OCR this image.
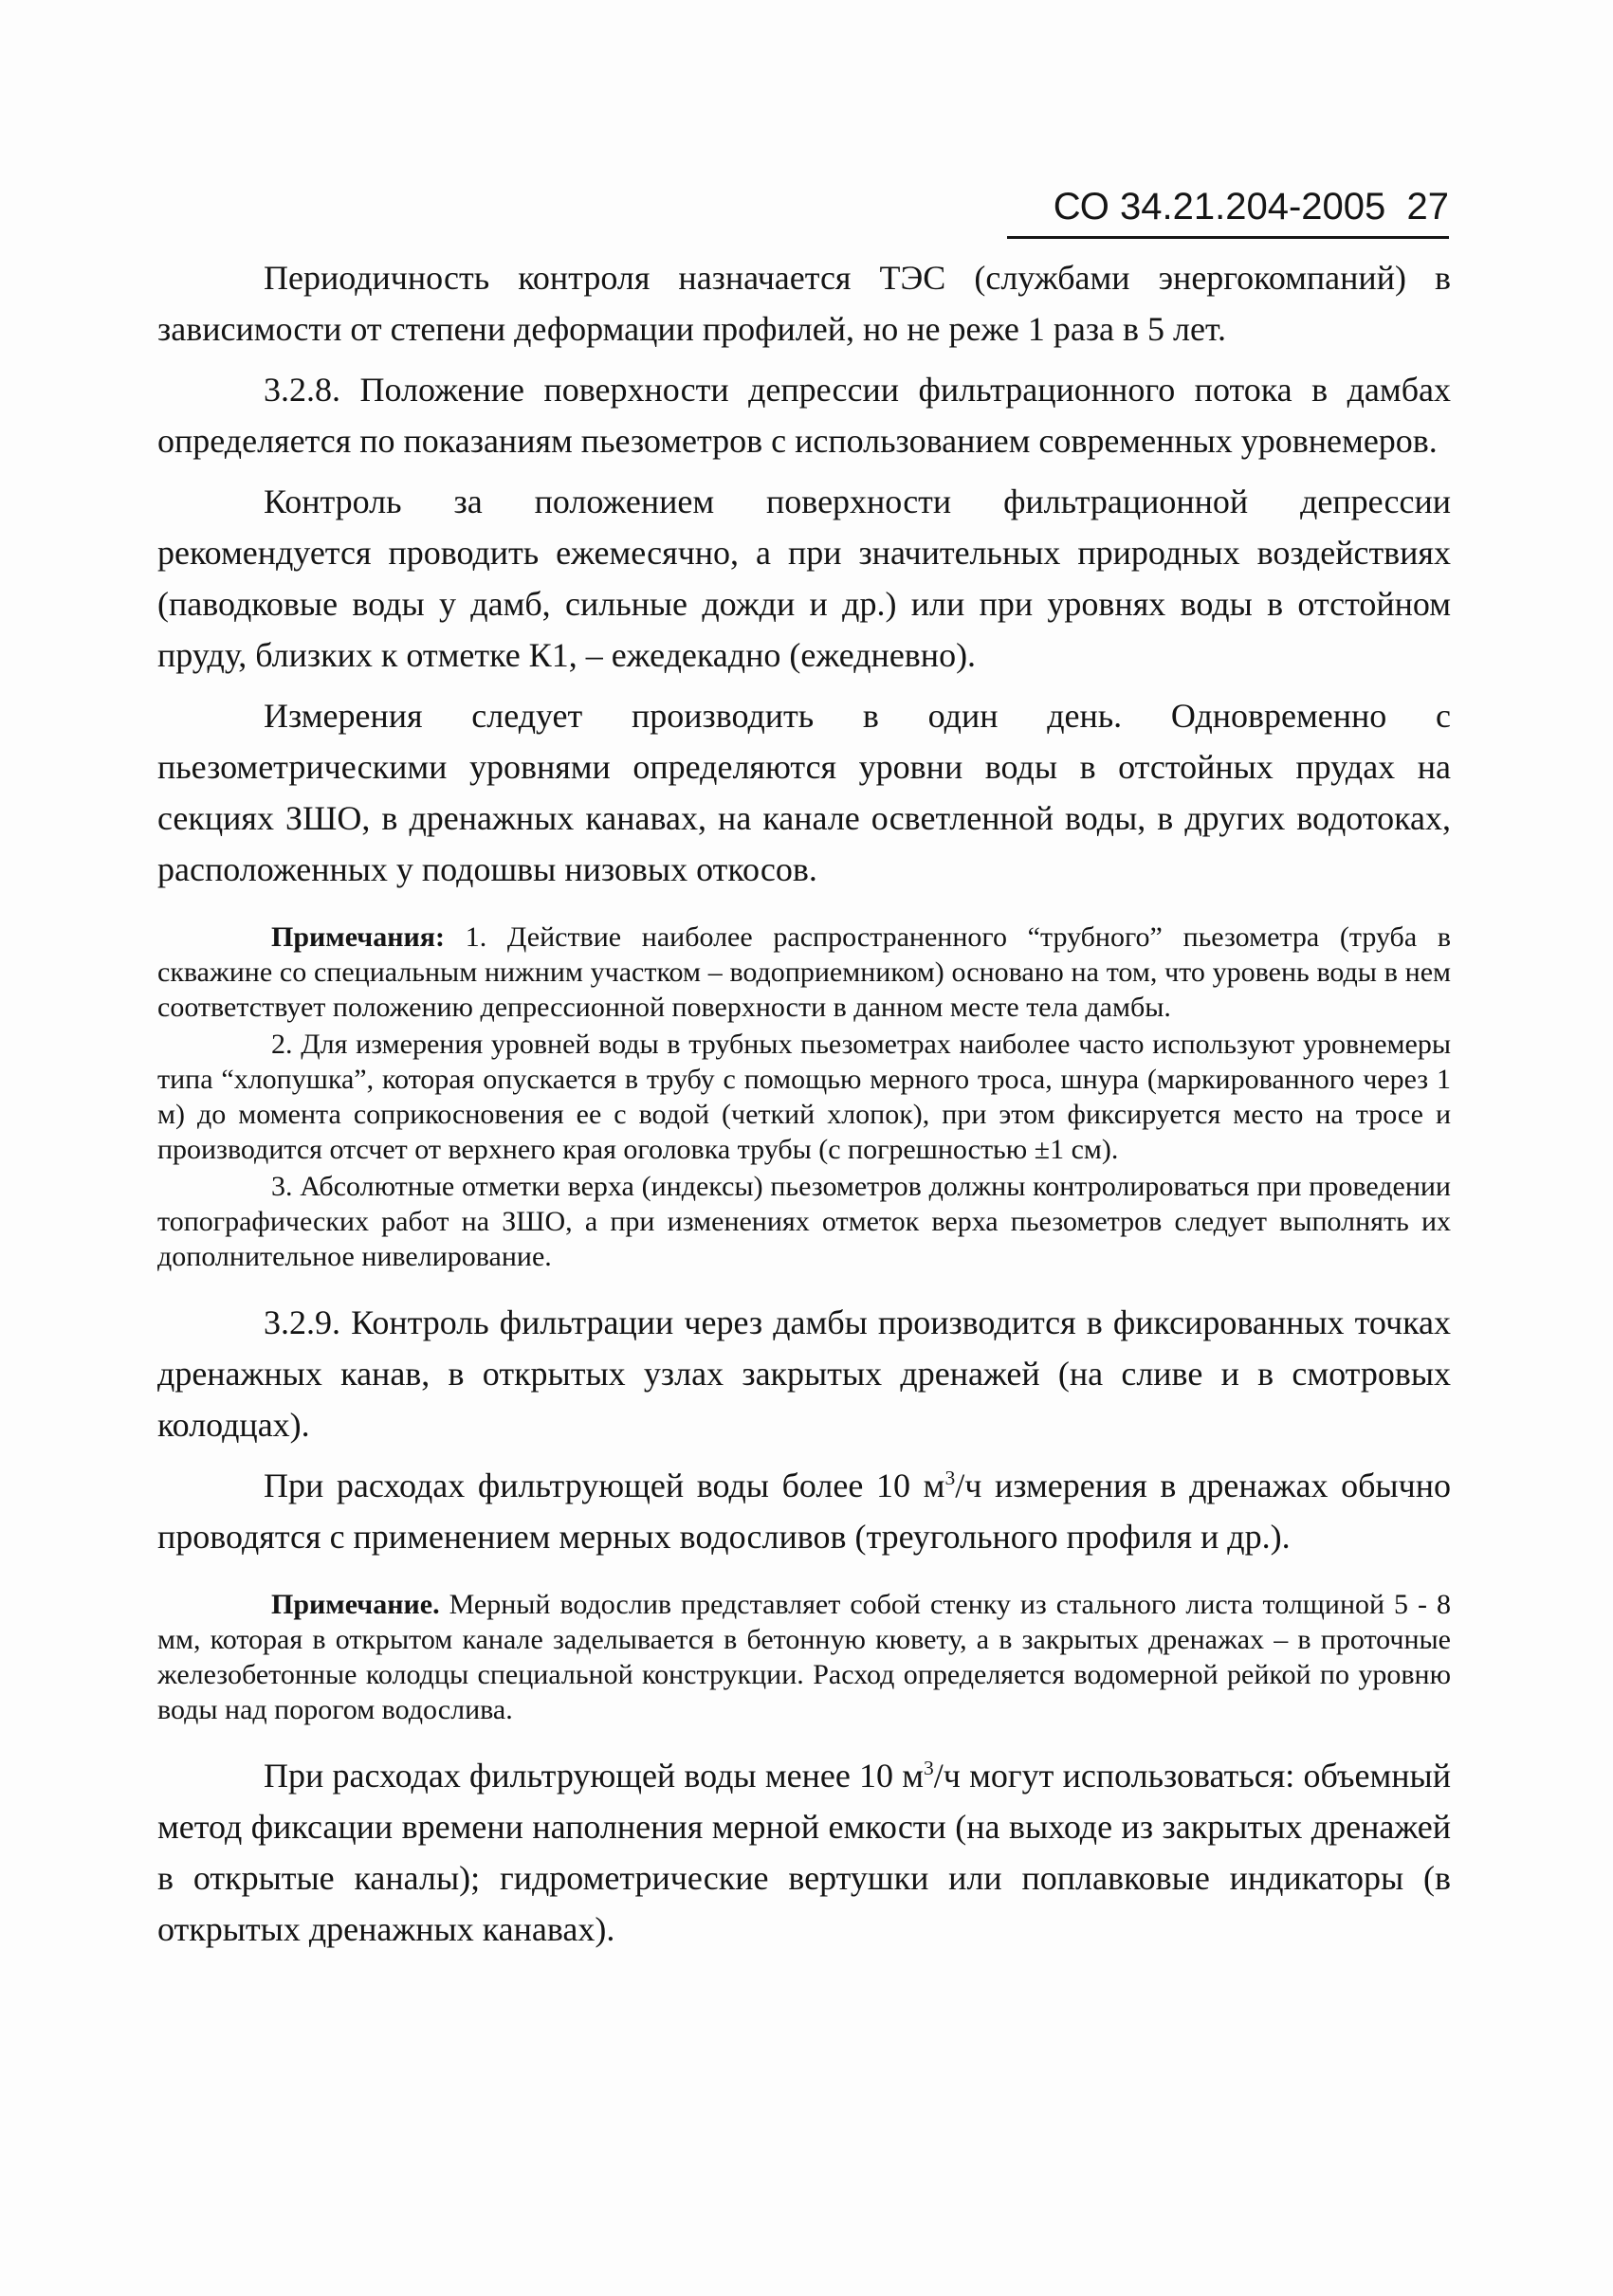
СО 34.21.204-2005 27

Периодичность контроля назначается ТЭС (службами энергокомпаний) в зависимости от степени деформации профилей, но не реже 1 раза в 5 лет.

3.2.8. Положение поверхности депрессии фильтрационного потока в дамбах определяется по показаниям пьезометров с использованием современных уровнемеров.

Контроль за положением поверхности фильтрационной депрессии рекомендуется проводить ежемесячно, а при значительных природных воздействиях (паводковые воды у дамб, сильные дожди и др.) или при уровнях воды в отстойном пруду, близких к отметке К1, – ежедекадно (ежедневно).

Измерения следует производить в один день. Одновременно с пьезометрическими уровнями определяются уровни воды в отстойных прудах на секциях ЗШО, в дренажных канавах, на канале осветленной воды, в других водотоках, расположенных у подошвы низовых откосов.

Примечания: 1. Действие наиболее распространенного “трубного” пьезометра (труба в скважине со специальным нижним участком – водоприемником) основано на том, что уровень воды в нем соответствует положению депрессионной поверхности в данном месте тела дамбы.

2. Для измерения уровней воды в трубных пьезометрах наиболее часто используют уровнемеры типа “хлопушка”, которая опускается в трубу с помощью мерного троса, шнура (маркированного через 1 м) до момента соприкосновения ее с водой (четкий хлопок), при этом фиксируется место на тросе и производится отсчет от верхнего края оголовка трубы (с погрешностью ±1 см).

3. Абсолютные отметки верха (индексы) пьезометров должны контролироваться при проведении топографических работ на ЗШО, а при изменениях отметок верха пьезометров следует выполнять их дополнительное нивелирование.

3.2.9. Контроль фильтрации через дамбы производится в фиксированных точках дренажных канав, в открытых узлах закрытых дренажей (на сливе и в смотровых колодцах).

При расходах фильтрующей воды более 10 $м^3/ч$ измерения в дренажах обычно проводятся с применением мерных водосливов (треугольного профиля и др.).

Примечание. Мерный водослив представляет собой стенку из стального листа толщиной 5 - 8 мм, которая в открытом канале заделывается в бетонную кювету, а в закрытых дренажах – в проточные железобетонные колодцы специальной конструкции. Расход определяется водомерной рейкой по уровню воды над порогом водослива.

При расходах фильтрующей воды менее 10 $м^3/ч$ могут использоваться: объемный метод фиксации времени наполнения мерной емкости (на выходе из закрытых дренажей в открытые каналы); гидрометрические вертушки или поплавковые индикаторы (в открытых дренажных канавах).
